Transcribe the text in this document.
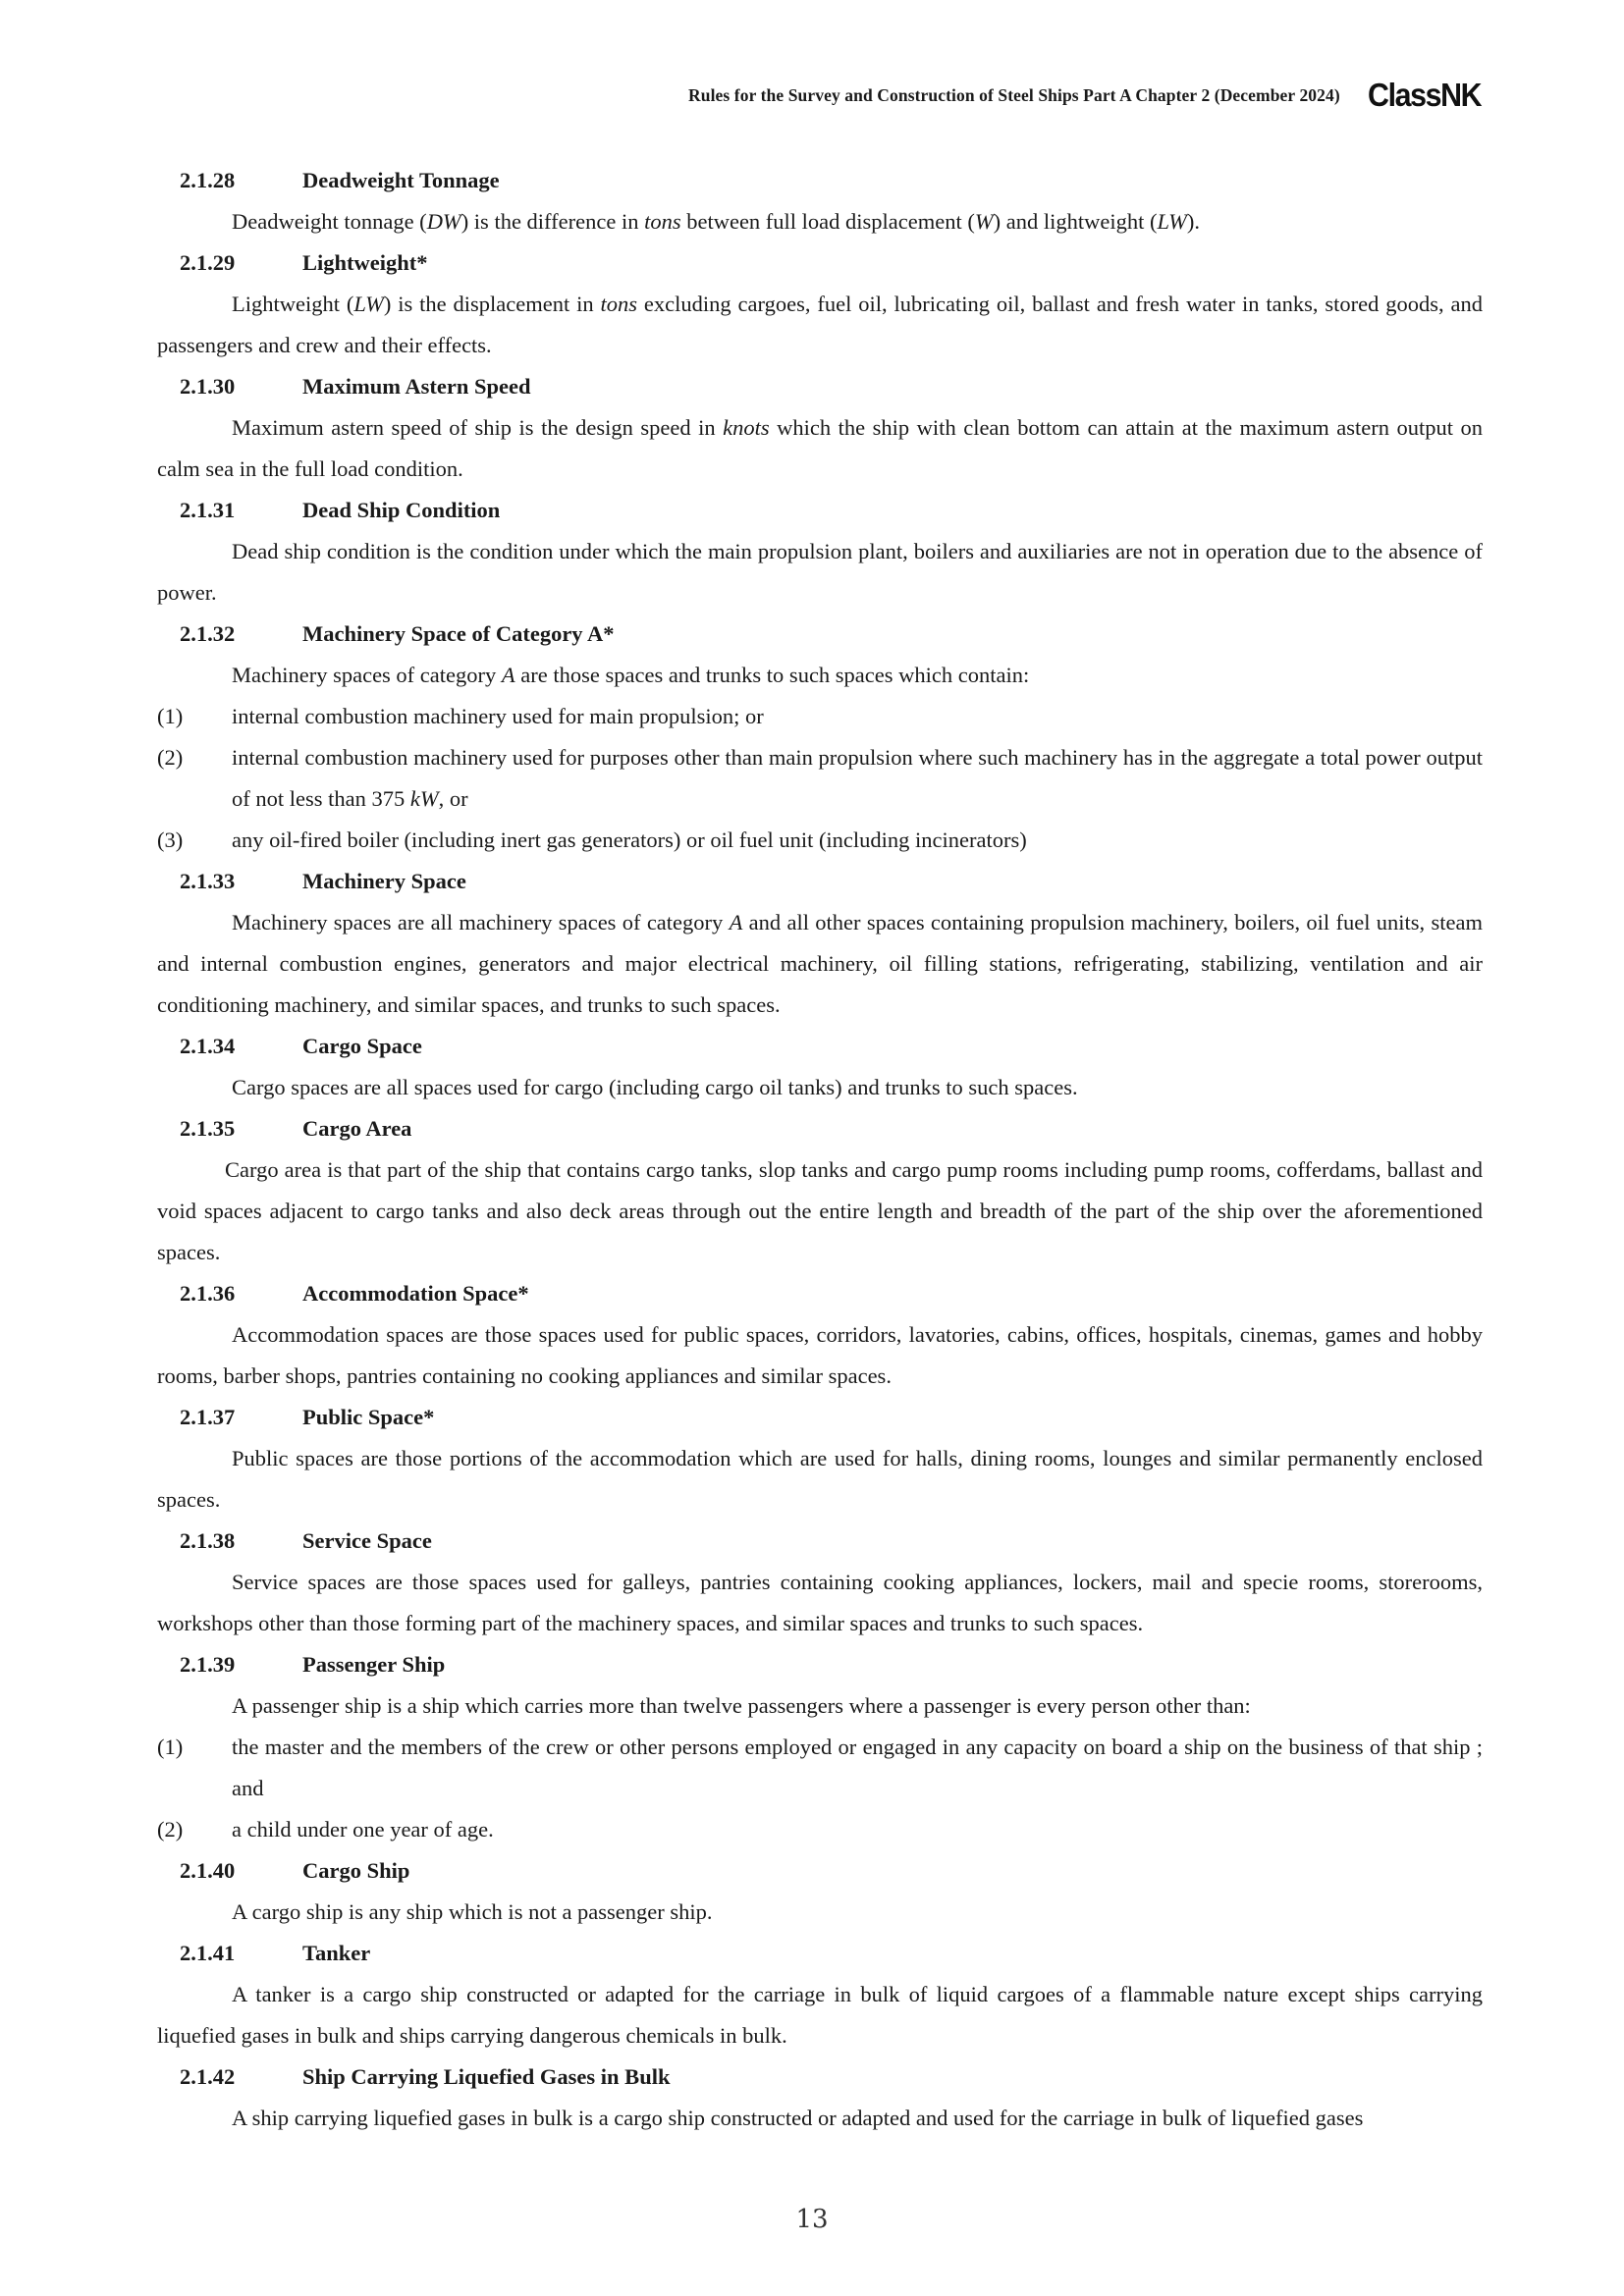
Rules for the Survey and Construction of Steel Ships Part A Chapter 2 (December 2024) ClassNK
2.1.28	Deadweight Tonnage
Deadweight tonnage (DW) is the difference in tons between full load displacement (W) and lightweight (LW).
2.1.29	Lightweight*
Lightweight (LW) is the displacement in tons excluding cargoes, fuel oil, lubricating oil, ballast and fresh water in tanks, stored goods, and passengers and crew and their effects.
2.1.30	Maximum Astern Speed
Maximum astern speed of ship is the design speed in knots which the ship with clean bottom can attain at the maximum astern output on calm sea in the full load condition.
2.1.31	Dead Ship Condition
Dead ship condition is the condition under which the main propulsion plant, boilers and auxiliaries are not in operation due to the absence of power.
2.1.32	Machinery Space of Category A*
Machinery spaces of category A are those spaces and trunks to such spaces which contain:
(1)	internal combustion machinery used for main propulsion; or
(2)	internal combustion machinery used for purposes other than main propulsion where such machinery has in the aggregate a total power output of not less than 375 kW, or
(3)	any oil-fired boiler (including inert gas generators) or oil fuel unit (including incinerators)
2.1.33	Machinery Space
Machinery spaces are all machinery spaces of category A and all other spaces containing propulsion machinery, boilers, oil fuel units, steam and internal combustion engines, generators and major electrical machinery, oil filling stations, refrigerating, stabilizing, ventilation and air conditioning machinery, and similar spaces, and trunks to such spaces.
2.1.34	Cargo Space
Cargo spaces are all spaces used for cargo (including cargo oil tanks) and trunks to such spaces.
2.1.35	Cargo Area
Cargo area is that part of the ship that contains cargo tanks, slop tanks and cargo pump rooms including pump rooms, cofferdams, ballast and void spaces adjacent to cargo tanks and also deck areas through out the entire length and breadth of the part of the ship over the aforementioned spaces.
2.1.36	Accommodation Space*
Accommodation spaces are those spaces used for public spaces, corridors, lavatories, cabins, offices, hospitals, cinemas, games and hobby rooms, barber shops, pantries containing no cooking appliances and similar spaces.
2.1.37	Public Space*
Public spaces are those portions of the accommodation which are used for halls, dining rooms, lounges and similar permanently enclosed spaces.
2.1.38	Service Space
Service spaces are those spaces used for galleys, pantries containing cooking appliances, lockers, mail and specie rooms, storerooms, workshops other than those forming part of the machinery spaces, and similar spaces and trunks to such spaces.
2.1.39	Passenger Ship
A passenger ship is a ship which carries more than twelve passengers where a passenger is every person other than:
(1)	the master and the members of the crew or other persons employed or engaged in any capacity on board a ship on the business of that ship ; and
(2)	a child under one year of age.
2.1.40	Cargo Ship
A cargo ship is any ship which is not a passenger ship.
2.1.41	Tanker
A tanker is a cargo ship constructed or adapted for the carriage in bulk of liquid cargoes of a flammable nature except ships carrying liquefied gases in bulk and ships carrying dangerous chemicals in bulk.
2.1.42	Ship Carrying Liquefied Gases in Bulk
A ship carrying liquefied gases in bulk is a cargo ship constructed or adapted and used for the carriage in bulk of liquefied gases
13
